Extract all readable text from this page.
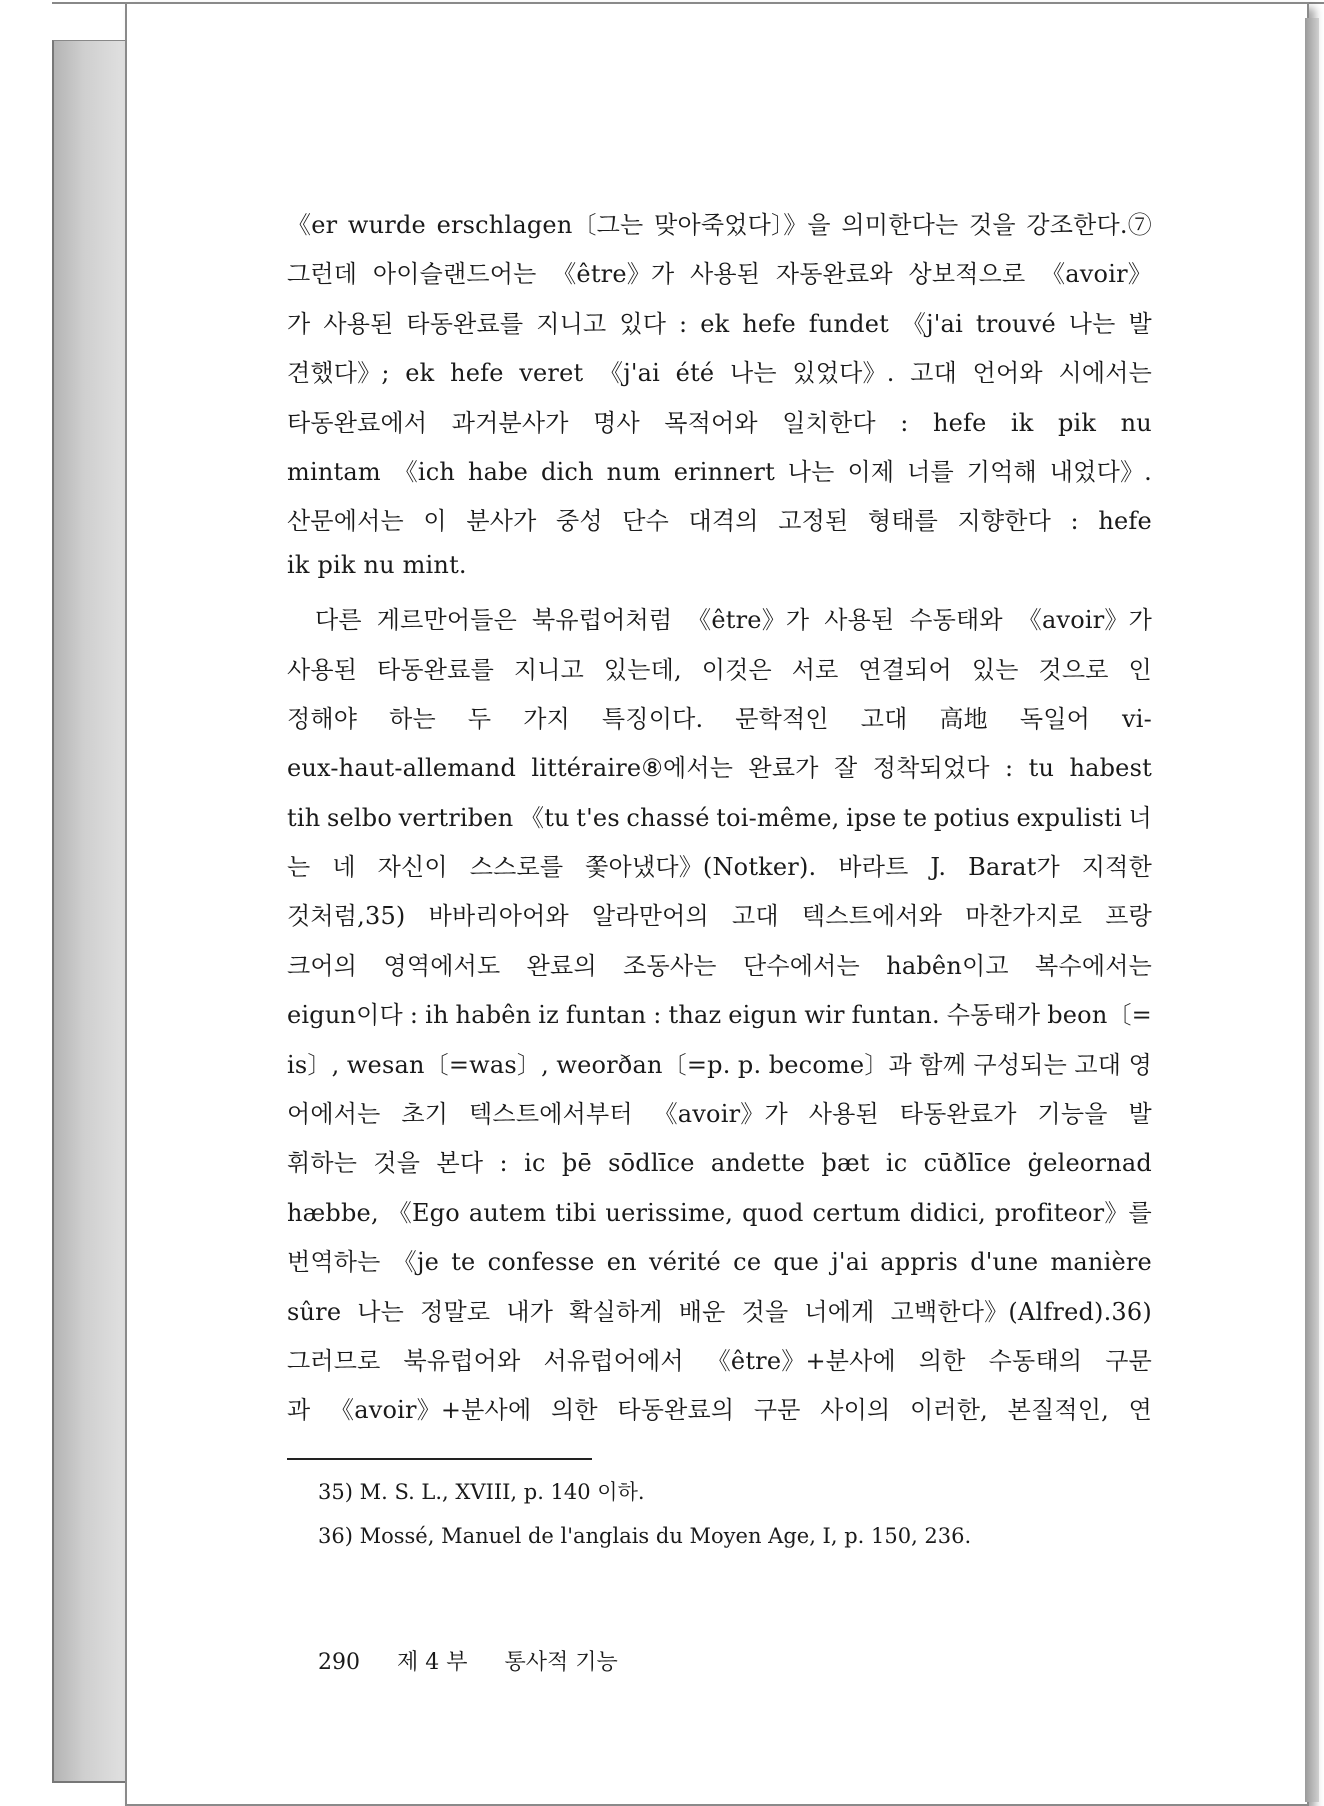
《er wurde erschlagen〔그는 맞아죽었다〕》을 의미한다는 것을 강조한다.⑦
그런데 아이슬랜드어는 《être》가 사용된 자동완료와 상보적으로 《avoir》
가 사용된 타동완료를 지니고 있다 : ek hefe fundet 《j'ai trouvé 나는 발
견했다》; ek hefe veret 《j'ai été 나는 있었다》. 고대 언어와 시에서는
타동완료에서 과거분사가 명사 목적어와 일치한다 : hefe ik pik nu
mintam 《ich habe dich num erinnert 나는 이제 너를 기억해 내었다》.
산문에서는 이 분사가 중성 단수 대격의 고정된 형태를 지향한다 : hefe
ik pik nu mint.
다른 게르만어들은 북유럽어처럼 《être》가 사용된 수동태와 《avoir》가
사용된 타동완료를 지니고 있는데, 이것은 서로 연결되어 있는 것으로 인
정해야 하는 두 가지 특징이다. 문학적인 고대 高地 독일어 vi-
eux-haut-allemand littéraire⑧에서는 완료가 잘 정착되었다 : tu habest
tih selbo vertriben 《tu t'es chassé toi-même, ipse te potius expulisti 너
는 네 자신이 스스로를 쫓아냈다》(Notker). 바라트 J. Barat가 지적한
것처럼,35) 바바리아어와 알라만어의 고대 텍스트에서와 마찬가지로 프랑
크어의 영역에서도 완료의 조동사는 단수에서는 habên이고 복수에서는
eigun이다 : ih habên iz funtan : thaz eigun wir funtan. 수동태가 beon〔=
is〕, wesan〔=was〕, weorðan〔=p. p. become〕과 함께 구성되는 고대 영
어에서는 초기 텍스트에서부터 《avoir》가 사용된 타동완료가 기능을 발
휘하는 것을 본다 : ic þē sōdlīce andette þæt ic cūðlīce ġeleornad
hæbbe, 《Ego autem tibi uerissime, quod certum didici, profiteor》를
번역하는 《je te confesse en vérité ce que j'ai appris d'une manière
sûre 나는 정말로 내가 확실하게 배운 것을 너에게 고백한다》(Alfred).36)
그러므로 북유럽어와 서유럽어에서 《être》+분사에 의한 수동태의 구문
과 《avoir》+분사에 의한 타동완료의 구문 사이의 이러한, 본질적인, 연
35) M. S. L., XVIII, p. 140 이하.
36) Mossé, Manuel de l'anglais du Moyen Age, I, p. 150, 236.
290 제 4 부 통사적 기능
